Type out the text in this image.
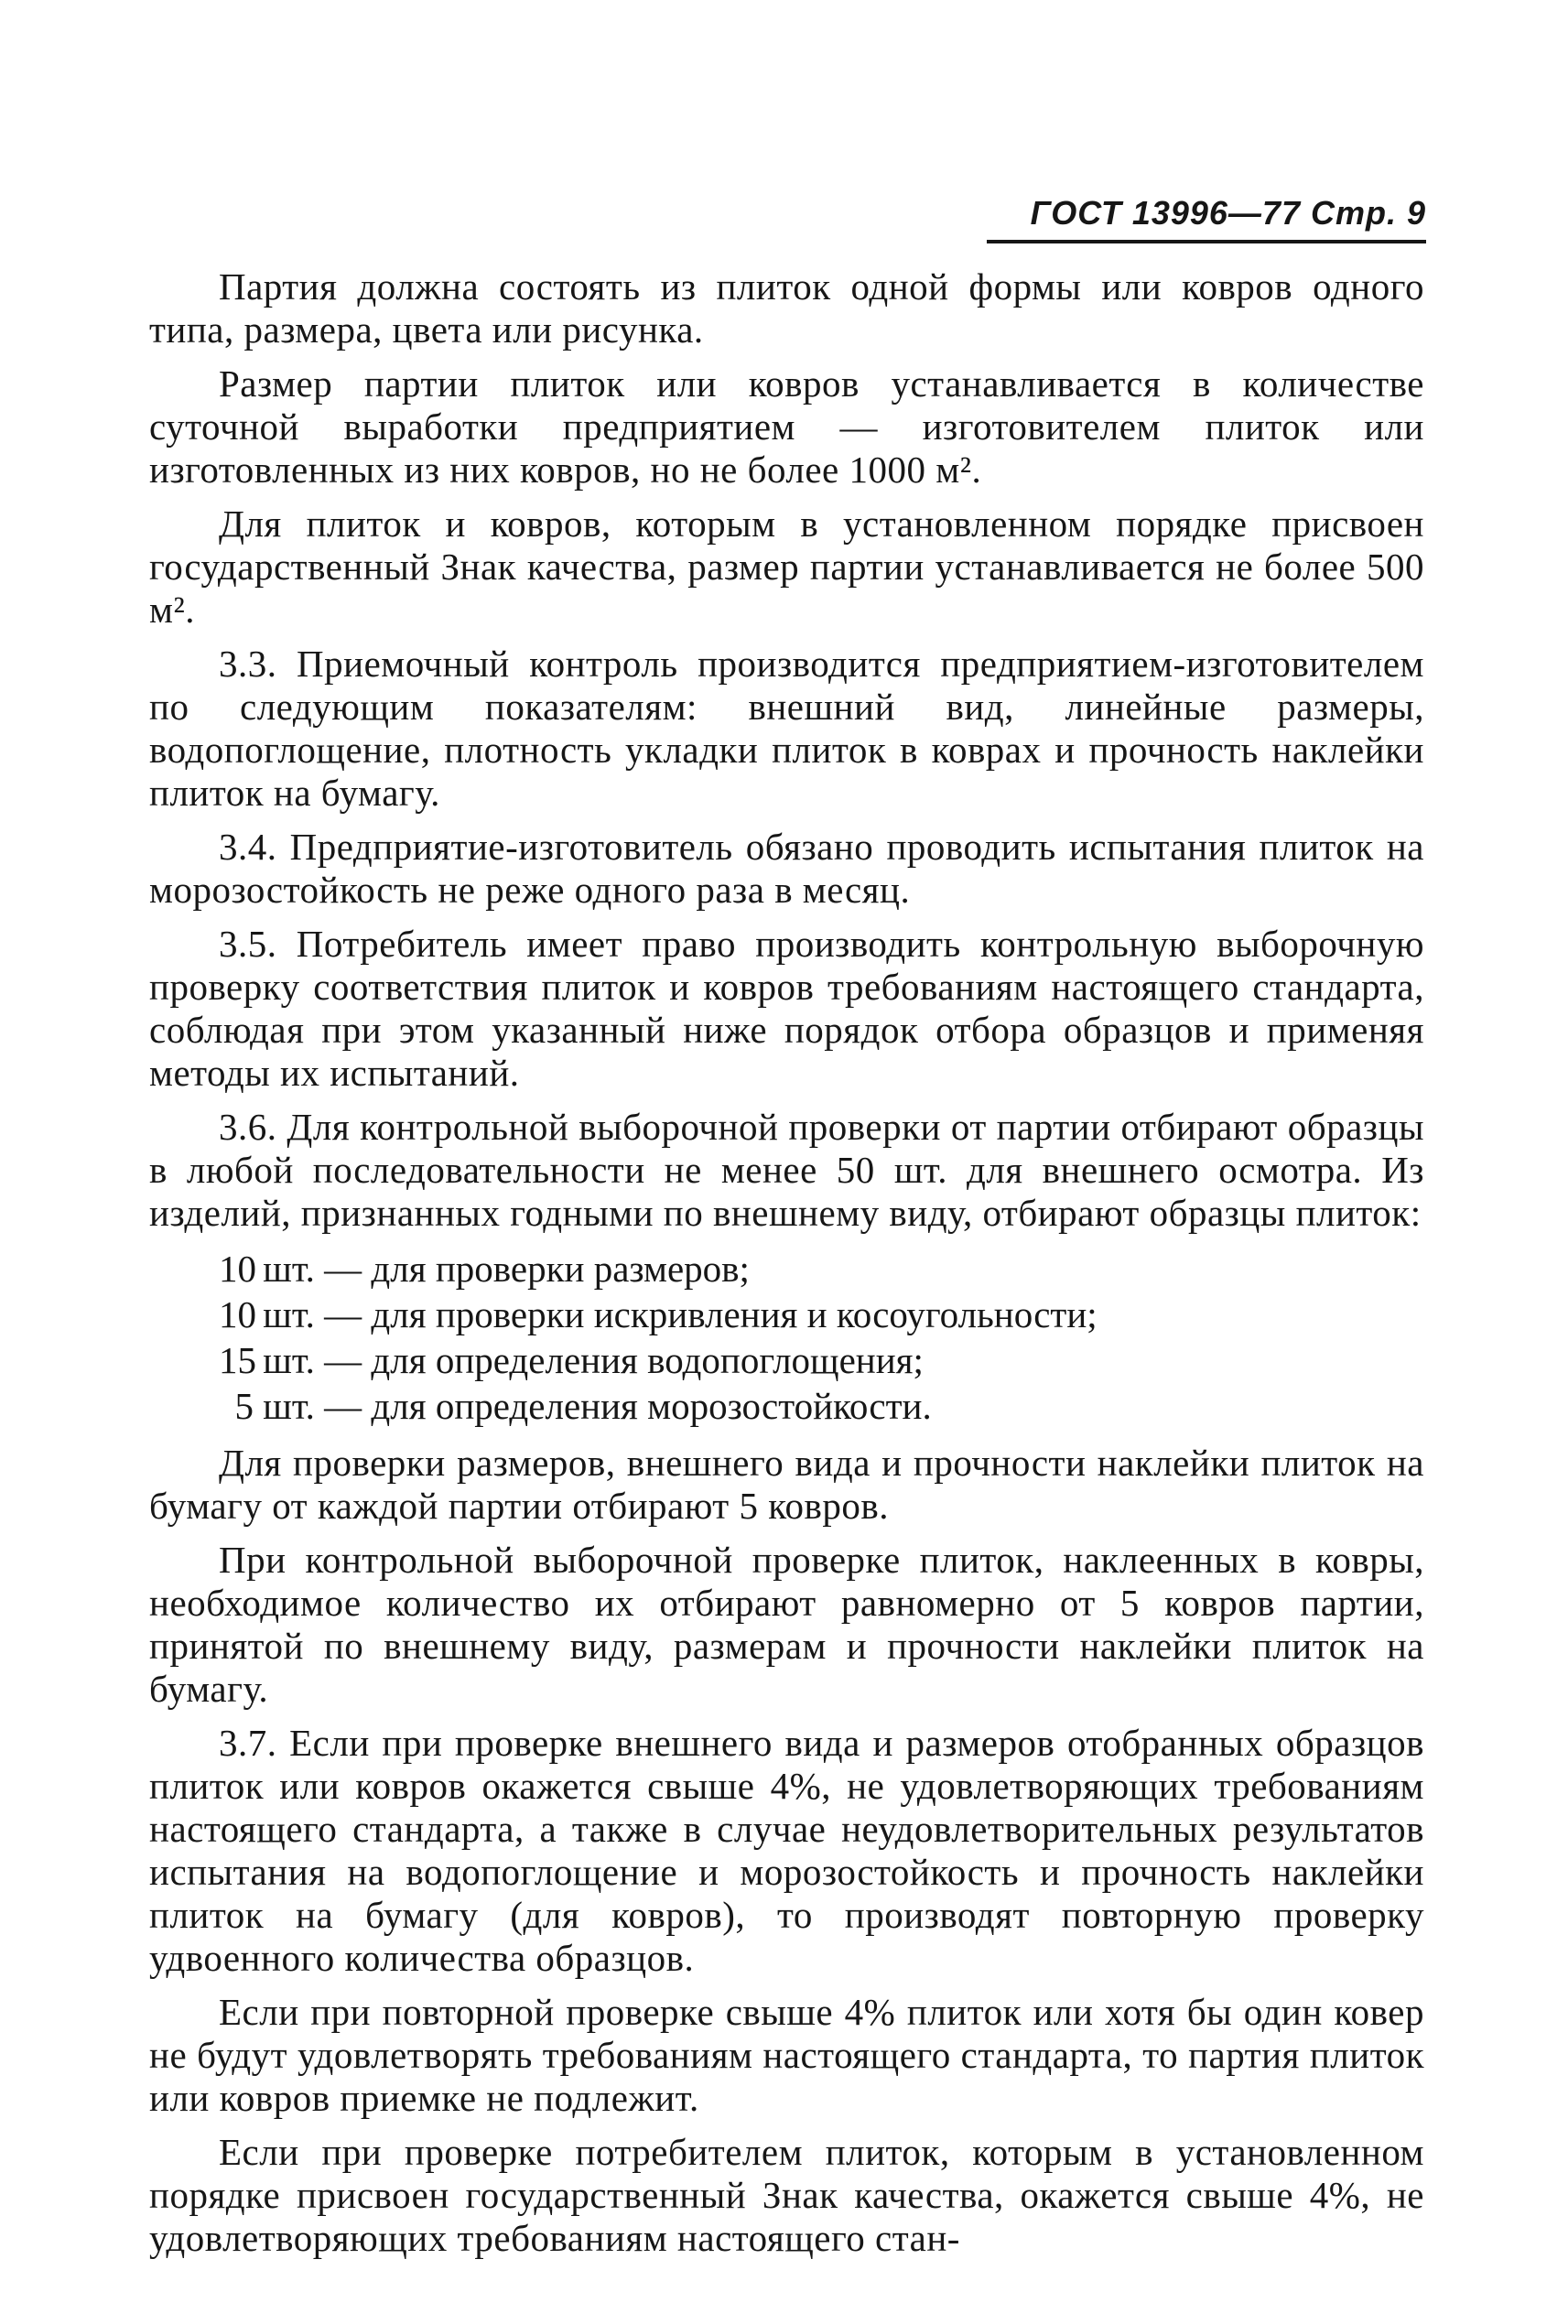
ГОСТ 13996—77 Стр. 9

Партия должна состоять из плиток одной формы или ковров одного типа, размера, цвета или рисунка.

Размер партии плиток или ковров устанавливается в количестве суточной выработки предприятием — изготовителем плиток или изготовленных из них ковров, но не более 1000 м².

Для плиток и ковров, которым в установленном порядке присвоен государственный Знак качества, размер партии устанавливается не более 500 м².

3.3. Приемочный контроль производится предприятием-изготовителем по следующим показателям: внешний вид, линейные размеры, водопоглощение, плотность укладки плиток в коврах и прочность наклейки плиток на бумагу.

3.4. Предприятие-изготовитель обязано проводить испытания плиток на морозостойкость не реже одного раза в месяц.

3.5. Потребитель имеет право производить контрольную выборочную проверку соответствия плиток и ковров требованиям настоящего стандарта, соблюдая при этом указанный ниже порядок отбора образцов и применяя методы их испытаний.

3.6. Для контрольной выборочной проверки от партии отбирают образцы в любой последовательности не менее 50 шт. для внешнего осмотра. Из изделий, признанных годными по внешнему виду, отбирают образцы плиток:

10 шт. — для проверки размеров;
10 шт. — для проверки искривления и косоугольности;
15 шт. — для определения водопоглощения;
5 шт. — для определения морозостойкости.

Для проверки размеров, внешнего вида и прочности наклейки плиток на бумагу от каждой партии отбирают 5 ковров.

При контрольной выборочной проверке плиток, наклеенных в ковры, необходимое количество их отбирают равномерно от 5 ковров партии, принятой по внешнему виду, размерам и прочности наклейки плиток на бумагу.

3.7. Если при проверке внешнего вида и размеров отобранных образцов плиток или ковров окажется свыше 4%, не удовлетворяющих требованиям настоящего стандарта, а также в случае неудовлетворительных результатов испытания на водопоглощение и морозостойкость и прочность наклейки плиток на бумагу (для ковров), то производят повторную проверку удвоенного количества образцов.

Если при повторной проверке свыше 4% плиток или хотя бы один ковер не будут удовлетворять требованиям настоящего стандарта, то партия плиток или ковров приемке не подлежит.

Если при проверке потребителем плиток, которым в установленном порядке присвоен государственный Знак качества, окажется свыше 4%, не удовлетворяющих требованиям настоящего стан-
